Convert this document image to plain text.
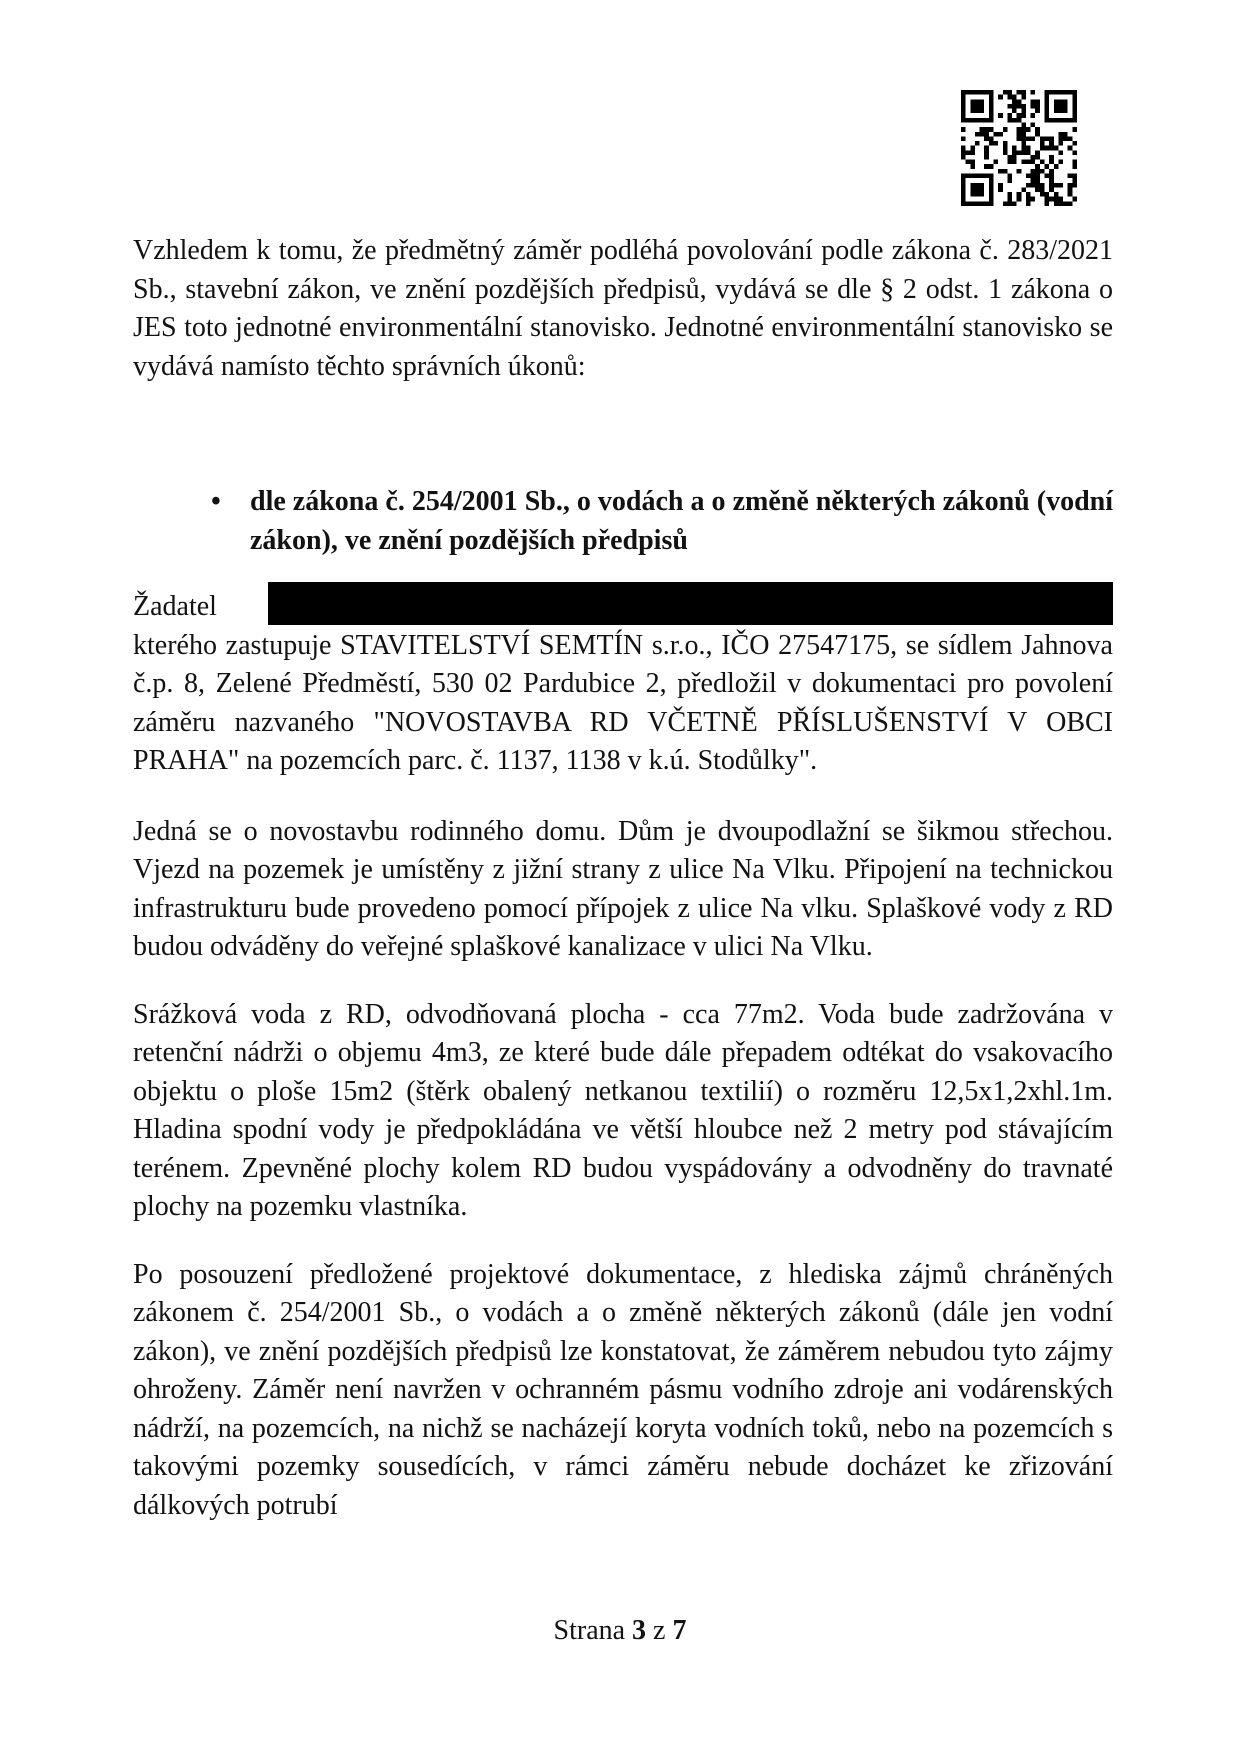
Vzhledem k tomu, že předmětný záměr podléhá povolování podle zákona č. 283/2021 Sb., stavební zákon, ve znění pozdějších předpisů, vydává se dle § 2 odst. 1 zákona o JES toto jednotné environmentální stanovisko. Jednotné environmentální stanovisko se vydává namísto těchto správních úkonů:

• dle zákona č. 254/2001 Sb., o vodách a o změně některých zákonů (vodní zákon), ve znění pozdějších předpisů

Žadatel  kterého zastupuje STAVITELSTVÍ SEMTÍN s.r.o., IČO 27547175, se sídlem Jahnova č.p. 8, Zelené Předměstí, 530 02 Pardubice 2, předložil v dokumentaci pro povolení záměru nazvaného "NOVOSTAVBA RD VČETNĚ PŘÍSLUŠENSTVÍ V OBCI PRAHA" na pozemcích parc. č. 1137, 1138 v k.ú. Stodůlky".

Jedná se o novostavbu rodinného domu. Dům je dvoupodlažní se šikmou střechou. Vjezd na pozemek je umístěny z jižní strany z ulice Na Vlku. Připojení na technickou infrastrukturu bude provedeno pomocí přípojek z ulice Na vlku. Splaškové vody z RD budou odváděny do veřejné splaškové kanalizace v ulici Na Vlku.

Srážková voda z RD, odvodňovaná plocha - cca 77m2. Voda bude zadržována v retenční nádrži o objemu 4m3, ze které bude dále přepadem odtékat do vsakovacího objektu o ploše 15m2 (štěrk obalený netkanou textilií) o rozměru 12,5x1,2xhl.1m. Hladina spodní vody je předpokládána ve větší hloubce než 2 metry pod stávajícím terénem. Zpevněné plochy kolem RD budou vyspádovány a odvodněny do travnaté plochy na pozemku vlastníka.

Po posouzení předložené projektové dokumentace, z hlediska zájmů chráněných zákonem č. 254/2001 Sb., o vodách a o změně některých zákonů (dále jen vodní zákon), ve znění pozdějších předpisů lze konstatovat, že záměrem nebudou tyto zájmy ohroženy. Záměr není navržen v ochranném pásmu vodního zdroje ani vodárenských nádrží, na pozemcích, na nichž se nacházejí koryta vodních toků, nebo na pozemcích s takovými pozemky sousedících, v rámci záměru nebude docházet ke zřizování dálkových potrubí

Strana 3 z 7
